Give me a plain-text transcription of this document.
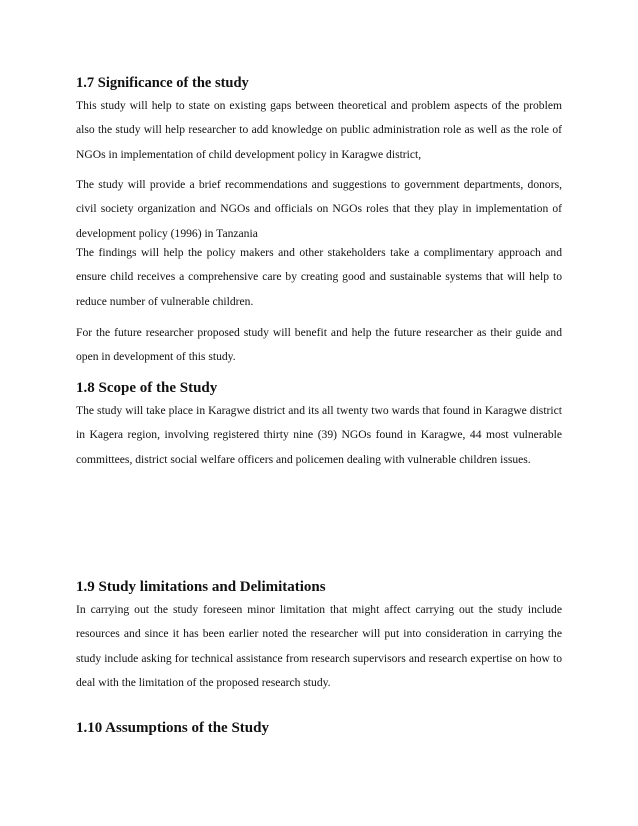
1.7 Significance of the study

This study will help to state on existing gaps between theoretical and problem aspects of the problem also the study will help researcher to add knowledge on public administration role as well as the role of NGOs in implementation of child development policy in Karagwe district,

The study will provide a brief recommendations and suggestions to government departments, donors, civil society organization and NGOs and officials on NGOs roles that they play in implementation of development policy (1996) in Tanzania

The findings will help the policy makers and other stakeholders take a complimentary approach and ensure child receives a comprehensive care by creating good and sustainable systems that will help to reduce number of vulnerable children.

For the future researcher proposed study will benefit and help the future researcher as their guide and open in development of this study.

1.8 Scope of the Study

The study will take place in Karagwe district and its all twenty two wards that found in Karagwe district in Kagera region, involving registered thirty nine (39) NGOs found in Karagwe, 44 most vulnerable committees, district social welfare officers and policemen dealing with vulnerable children issues.

1.9 Study limitations and Delimitations

In carrying out the study foreseen minor limitation that might affect carrying out the study include resources and since it has been earlier noted the researcher will put into consideration in carrying the study include asking for technical assistance from research supervisors and research expertise on how to deal with the limitation of the proposed research study.

1.10 Assumptions of the Study
